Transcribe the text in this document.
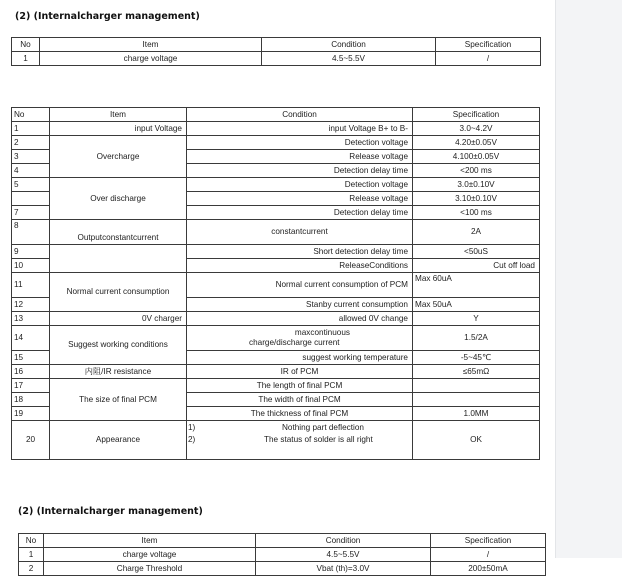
(2) (Internalcharger management)
No	Item	Condition	Specification
1	charge voltage	4.5~5.5V	/
No	Item	Condition	Specification
1	input Voltage	input Voltage B+ to B-	3.0~4.2V
2	Overcharge	Detection voltage	4.20±0.05V
3		Release voltage	4.100±0.05V
4		Detection delay time	<200 ms
5	Over discharge	Detection voltage	3.0±0.10V
		Release voltage	3.10±0.10V
7		Detection delay time	<100 ms
8	Outputconstantcurrent	constantcurrent	2A
9		Short detection delay time	<50uS
10		ReleaseConditions	Cut off load
11	Normal current consumption	Normal current consumption of PCM	Max 60uA
12		Stanby current consumption	Max 50uA
13	0V charger	allowed 0V change	Y
14	Suggest working conditions	maxcontinuous
charge/discharge current	1.5/2A
15		suggest working temperature	-5~45℃
16	内阻/IR resistance	IR of PCM	≤65mΩ
17	The size of final PCM	The length of final PCM	
18		The width of final PCM	
19		The thickness of final PCM	1.0MM
20	Appearance	1) Nothing part deflection
2) The status of solder is all right	OK
(2) (Internalcharger management)
No	Item	Condition	Specification
1	charge voltage	4.5~5.5V	/
2	Charge Threshold	Vbat (th)=3.0V	200±50mA
